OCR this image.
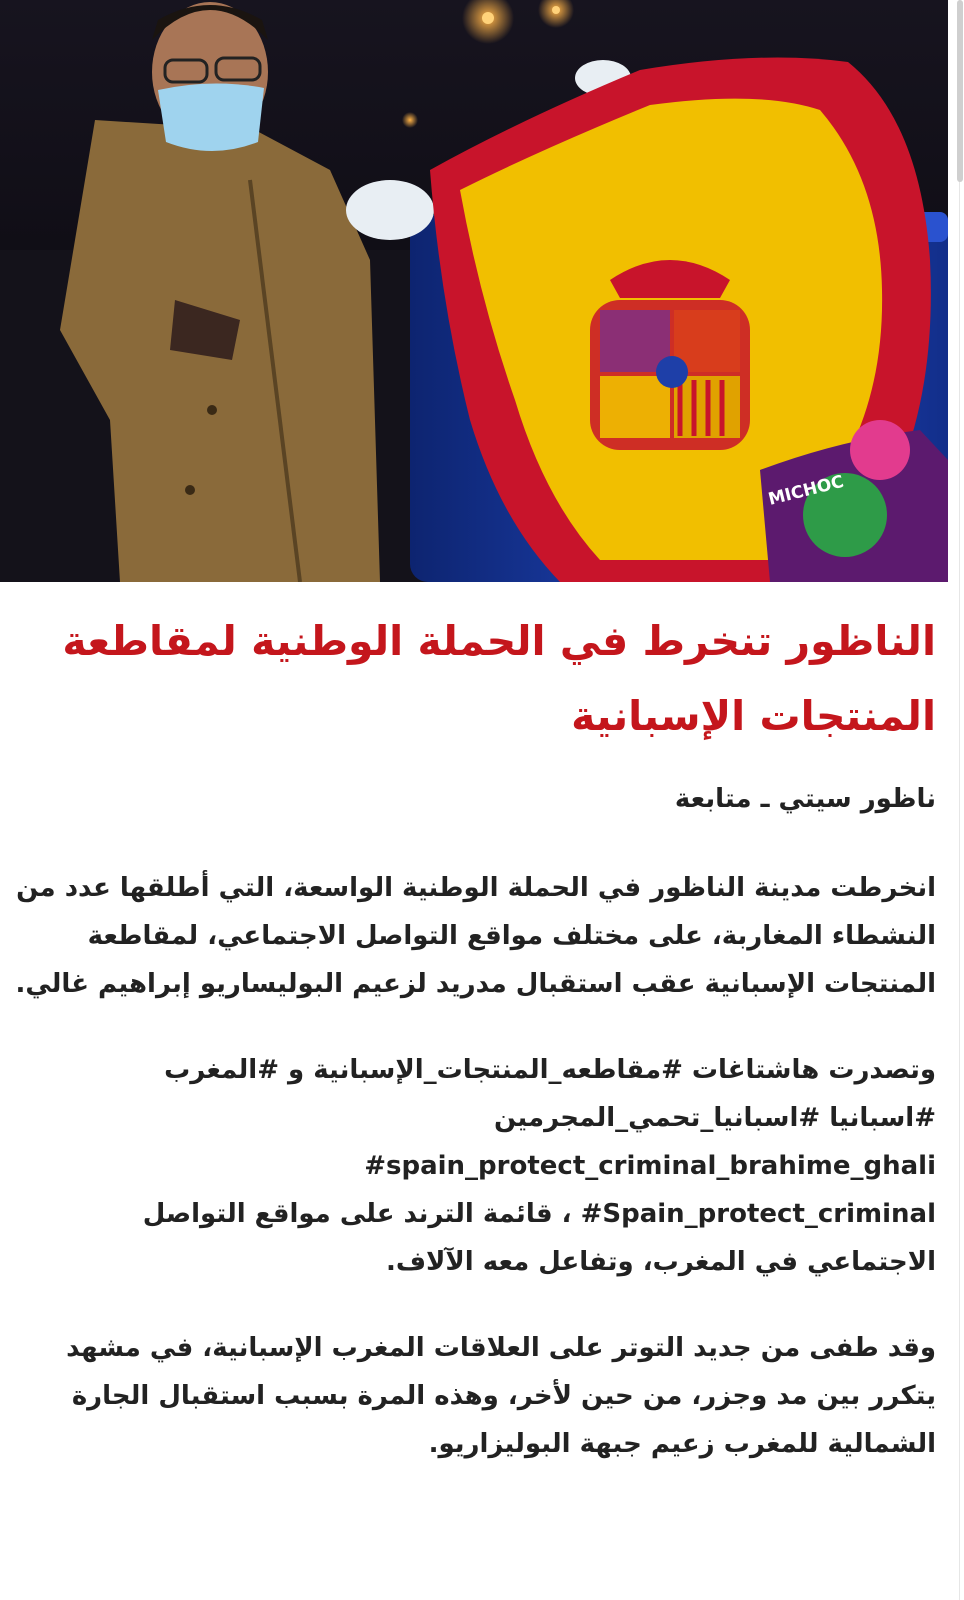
MICHOC
الناظور تنخرط في الحملة الوطنية لمقاطعة المنتجات الإسبانية

ناظور سيتي ـ متابعة

انخرطت مدينة الناظور في الحملة الوطنية الواسعة، التي أطلقها عدد من النشطاء المغاربة، على مختلف مواقع التواصل الاجتماعي، لمقاطعة المنتجات الإسبانية عقب استقبال مدريد لزعيم البوليساريو إبراهيم غالي.

وتصدرت هاشتاغات #مقاطعه_المنتجات_الإسبانية و #المغرب
#اسبانيا #اسبانيا_تحمي_المجرمين
#spain_protect_criminal_brahime_ghali
#Spain_protect_criminal ، قائمة الترند على مواقع التواصل الاجتماعي في المغرب، وتفاعل معه الآلاف.

وقد طفى من جديد التوتر على العلاقات المغرب الإسبانية، في مشهد يتكرر بين مد وجزر، من حين لأخر، وهذه المرة بسبب استقبال الجارة الشمالية للمغرب زعيم جبهة البوليزاريو.
